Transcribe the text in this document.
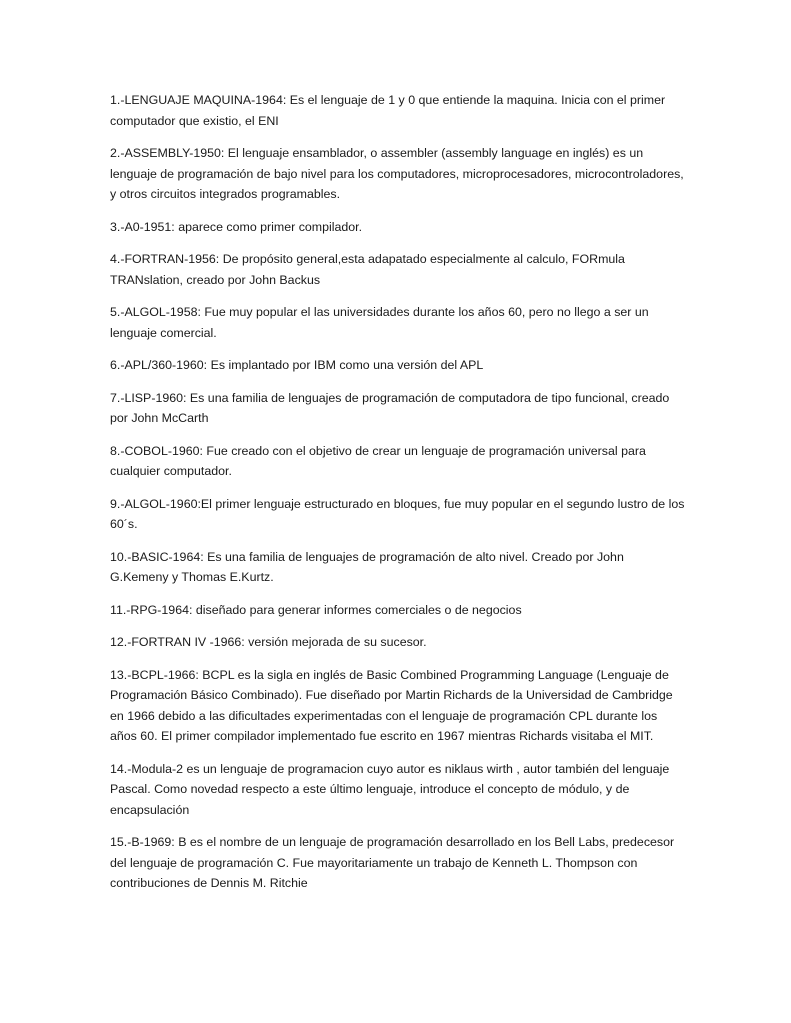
1.-LENGUAJE MAQUINA-1964: Es el lenguaje de 1 y 0 que entiende la maquina. Inicia con el primer computador que existio, el ENI

2.-ASSEMBLY-1950: El lenguaje ensamblador, o assembler (assembly language en inglés) es un lenguaje de programación de bajo nivel para los computadores, microprocesadores, microcontroladores, y otros circuitos integrados programables.

3.-A0-1951: aparece como primer compilador.

4.-FORTRAN-1956: De propósito general,esta adapatado especialmente al calculo, FORmula TRANslation, creado por John Backus

5.-ALGOL-1958: Fue muy popular el las universidades durante los años 60, pero no llego a ser un lenguaje comercial.

6.-APL/360-1960: Es implantado por IBM como una versión del APL

7.-LISP-1960: Es una familia de lenguajes de programación de computadora de tipo funcional, creado por John McCarth

8.-COBOL-1960: Fue creado con el objetivo de crear un lenguaje de programación universal para cualquier computador.

9.-ALGOL-1960:El primer lenguaje estructurado en bloques, fue muy popular en el segundo lustro de los 60´s.

10.-BASIC-1964: Es una familia de lenguajes de programación de alto nivel. Creado por John G.Kemeny y Thomas E.Kurtz.

11.-RPG-1964: diseñado para generar informes comerciales o de negocios

12.-FORTRAN IV -1966: versión mejorada de su sucesor.

13.-BCPL-1966: BCPL es la sigla en inglés de Basic Combined Programming Language (Lenguaje de Programación Básico Combinado). Fue diseñado por Martin Richards de la Universidad de Cambridge en 1966 debido a las dificultades experimentadas con el lenguaje de programación CPL durante los años 60. El primer compilador implementado fue escrito en 1967 mientras Richards visitaba el MIT.

14.-Modula-2 es un lenguaje de programacion cuyo autor es niklaus wirth , autor también del lenguaje Pascal. Como novedad respecto a este último lenguaje, introduce el concepto de módulo, y de encapsulación

15.-B-1969: B es el nombre de un lenguaje de programación desarrollado en los Bell Labs, predecesor del lenguaje de programación C. Fue mayoritariamente un trabajo de Kenneth L. Thompson con contribuciones de Dennis M. Ritchie
